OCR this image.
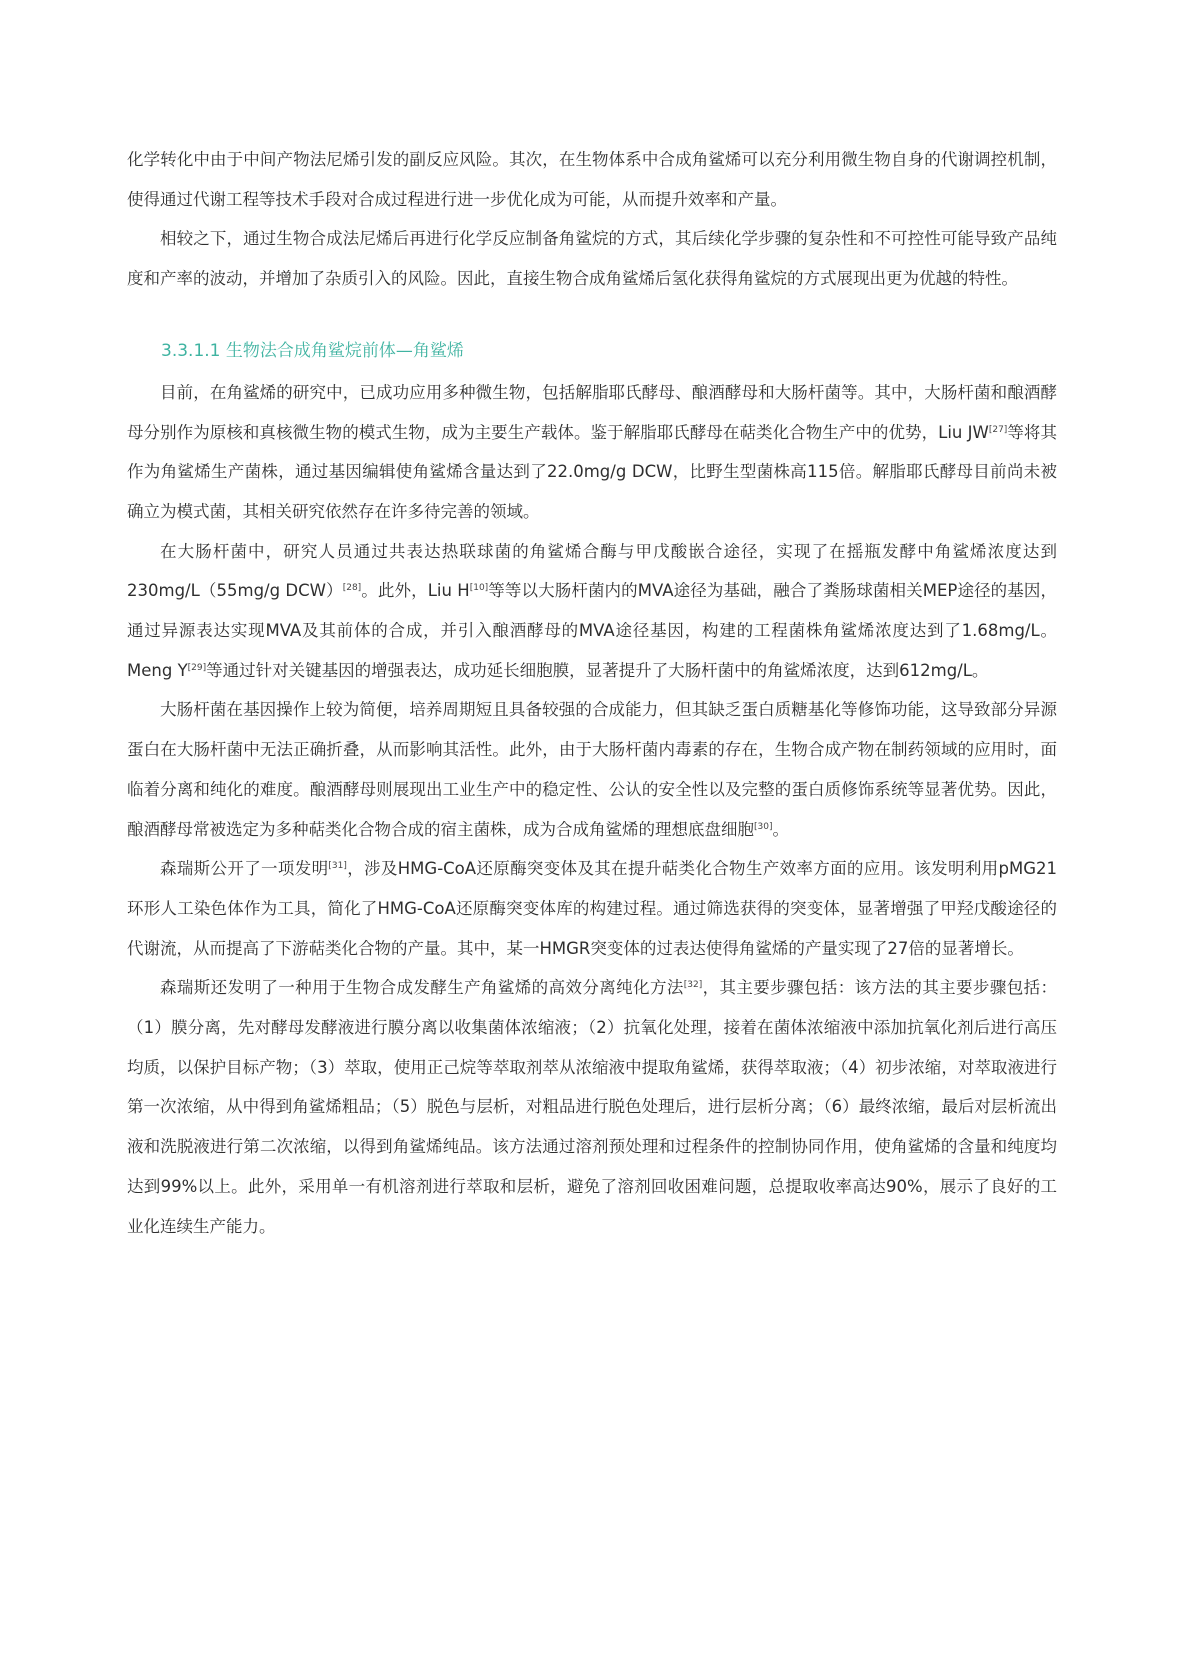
化学转化中由于中间产物法尼烯引发的副反应风险。其次，在生物体系中合成角鲨烯可以充分利用微生物自身的代谢调控机制，使得通过代谢工程等技术手段对合成过程进行进一步优化成为可能，从而提升效率和产量。

相较之下，通过生物合成法尼烯后再进行化学反应制备角鲨烷的方式，其后续化学步骤的复杂性和不可控性可能导致产品纯度和产率的波动，并增加了杂质引入的风险。因此，直接生物合成角鲨烯后氢化获得角鲨烷的方式展现出更为优越的特性。

3.3.1.1 生物法合成角鲨烷前体—角鲨烯

目前，在角鲨烯的研究中，已成功应用多种微生物，包括解脂耶氏酵母、酿酒酵母和大肠杆菌等。其中，大肠杆菌和酿酒酵母分别作为原核和真核微生物的模式生物，成为主要生产载体。鉴于解脂耶氏酵母在萜类化合物生产中的优势，Liu JW[27]等将其作为角鲨烯生产菌株，通过基因编辑使角鲨烯含量达到了22.0mg/g DCW，比野生型菌株高115倍。解脂耶氏酵母目前尚未被确立为模式菌，其相关研究依然存在许多待完善的领域。

在大肠杆菌中，研究人员通过共表达热联球菌的角鲨烯合酶与甲戊酸嵌合途径，实现了在摇瓶发酵中角鲨烯浓度达到230mg/L（55mg/g DCW）[28]。此外，Liu H[10]等等以大肠杆菌内的MVA途径为基础，融合了粪肠球菌相关MEP途径的基因，通过异源表达实现MVA及其前体的合成，并引入酿酒酵母的MVA途径基因，构建的工程菌株角鲨烯浓度达到了1.68mg/L。Meng Y[29]等通过针对关键基因的增强表达，成功延长细胞膜，显著提升了大肠杆菌中的角鲨烯浓度，达到612mg/L。

大肠杆菌在基因操作上较为简便，培养周期短且具备较强的合成能力，但其缺乏蛋白质糖基化等修饰功能，这导致部分异源蛋白在大肠杆菌中无法正确折叠，从而影响其活性。此外，由于大肠杆菌内毒素的存在，生物合成产物在制药领域的应用时，面临着分离和纯化的难度。酿酒酵母则展现出工业生产中的稳定性、公认的安全性以及完整的蛋白质修饰系统等显著优势。因此，酿酒酵母常被选定为多种萜类化合物合成的宿主菌株，成为合成角鲨烯的理想底盘细胞[30]。

森瑞斯公开了一项发明[31]，涉及HMG-CoA还原酶突变体及其在提升萜类化合物生产效率方面的应用。该发明利用pMG21环形人工染色体作为工具，简化了HMG-CoA还原酶突变体库的构建过程。通过筛选获得的突变体，显著增强了甲羟戊酸途径的代谢流，从而提高了下游萜类化合物的产量。其中，某一HMGR突变体的过表达使得角鲨烯的产量实现了27倍的显著增长。

森瑞斯还发明了一种用于生物合成发酵生产角鲨烯的高效分离纯化方法[32]，其主要步骤包括：该方法的其主要步骤包括：（1）膜分离，先对酵母发酵液进行膜分离以收集菌体浓缩液；（2）抗氧化处理，接着在菌体浓缩液中添加抗氧化剂后进行高压均质，以保护目标产物；（3）萃取，使用正己烷等萃取剂萃从浓缩液中提取角鲨烯，获得萃取液；（4）初步浓缩，对萃取液进行第一次浓缩，从中得到角鲨烯粗品；（5）脱色与层析，对粗品进行脱色处理后，进行层析分离；（6）最终浓缩，最后对层析流出液和洗脱液进行第二次浓缩，以得到角鲨烯纯品。该方法通过溶剂预处理和过程条件的控制协同作用，使角鲨烯的含量和纯度均达到99%以上。此外，采用单一有机溶剂进行萃取和层析，避免了溶剂回收困难问题，总提取收率高达90%，展示了良好的工业化连续生产能力。
